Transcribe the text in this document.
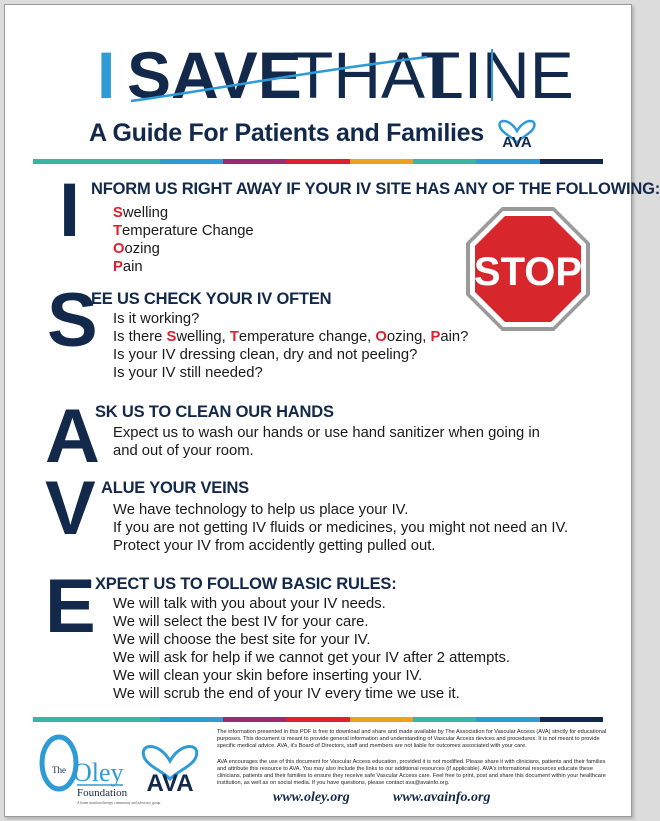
I SAVE
THAT
LINE
A Guide For Patients and Families AVA
I NFORM US RIGHT AWAY IF YOUR IV SITE HAS ANY OF THE FOLLOWING:
Swelling
Temperature Change
Oozing
Pain	STOP
S
EE US CHECK YOUR IV OFTEN
Is it working?
Is there Swelling, Temperature change, Oozing, Pain?
Is your IV dressing clean, dry and not peeling?
Is your IV still needed?
A
SK US TO CLEAN OUR HANDS
Expect us to wash our hands or use hand sanitizer when going in
and out of your room.
V ALUE YOUR VEINS
We have technology to help us place your IV.
If you are not getting IV fluids or medicines, you might not need an IV.
Protect your IV from accidently getting pulled out.
E XPECT US TO FOLLOW BASIC RULES:
We will talk with you about your IV needs.
We will select the best IV for your care.
We will choose the best site for your IV.
We will ask for help if we cannot get your IV after 2 attempts.
We will clean your skin before inserting your IV.
We will scrub the end of your IV every time we use it.
The Oley
Foundation
A home nutrition therapy community and advocacy group
AVA
The information presented in this PDF is free to download and share and made available by The Association for Vascular Access (AVA) strictly for educational purposes. This document is meant to provide general information and understanding of Vascular Access devices and procedures. It is not meant to provide specific medical advice. AVA, it's Board of Directors, staff and members are not liable for outcomes associated with your care.
AVA encourages the use of this document for Vascular Access education, provided it is not modified. Please share it with clinicians, patients and their families and attribute this resource to AVA. You may also include the links to our additional resources (if applicable). AVA's informational resources educate these clinicians, patients and their families to ensure they receive safe Vascular Access care. Feel free to print, post and share this document within your healthcare institution, as well as on social media. If you have questions, please contact ava@avainfo.org.
www.oley.org	www.avainfo.org
